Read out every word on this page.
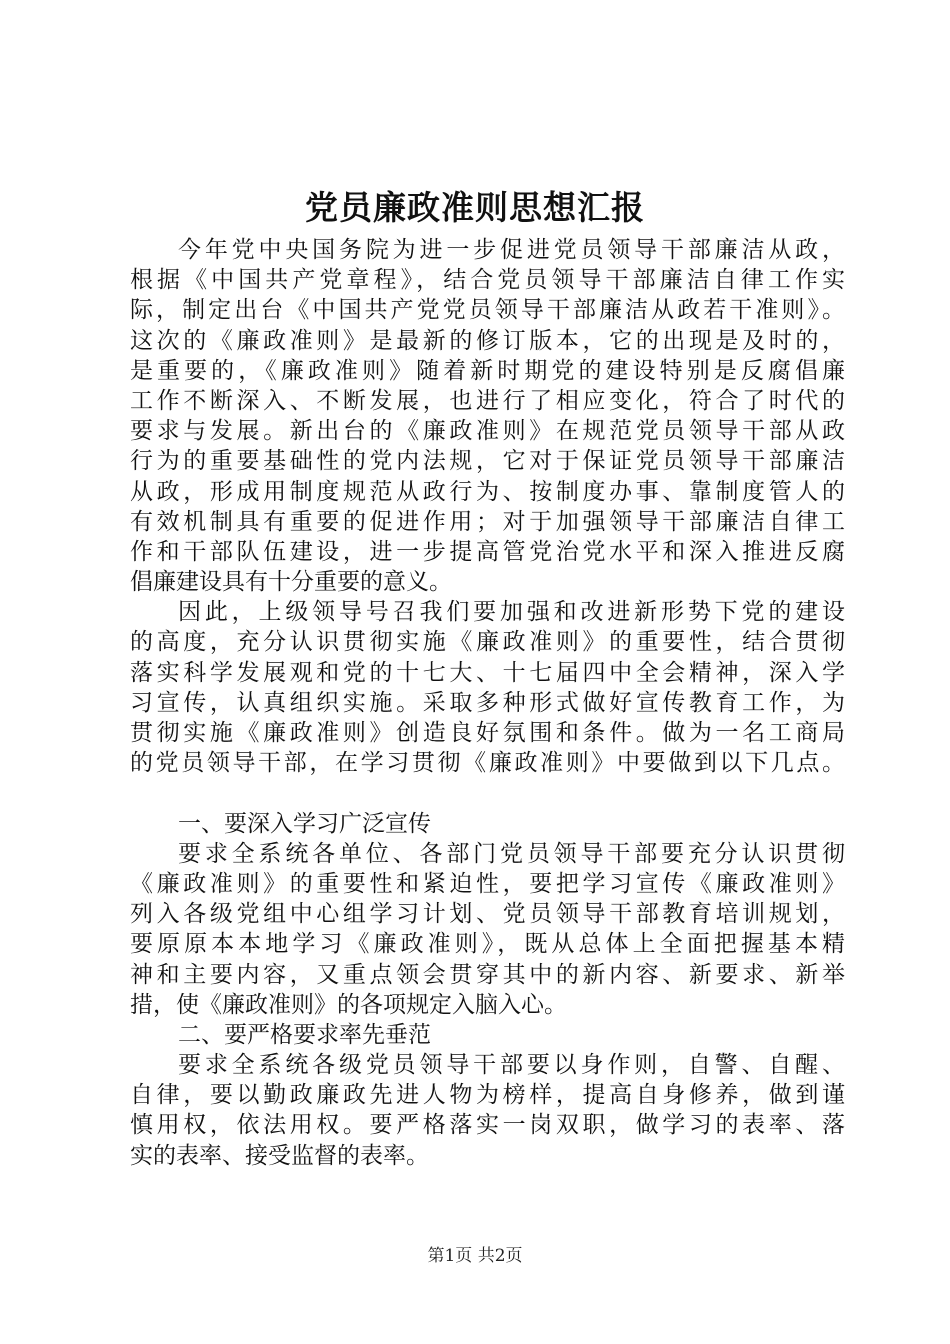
党员廉政准则思想汇报
今年党中央国务院为进一步促进党员领导干部廉洁从政，
根据《中国共产党章程》，结合党员领导干部廉洁自律工作实
际，制定出台《中国共产党党员领导干部廉洁从政若干准则》。
这次的《廉政准则》是最新的修订版本，它的出现是及时的，
是重要的，《廉政准则》随着新时期党的建设特别是反腐倡廉
工作不断深入、不断发展，也进行了相应变化，符合了时代的
要求与发展。新出台的《廉政准则》在规范党员领导干部从政
行为的重要基础性的党内法规，它对于保证党员领导干部廉洁
从政，形成用制度规范从政行为、按制度办事、靠制度管人的
有效机制具有重要的促进作用；对于加强领导干部廉洁自律工
作和干部队伍建设，进一步提高管党治党水平和深入推进反腐
倡廉建设具有十分重要的意义。
因此，上级领导号召我们要加强和改进新形势下党的建设
的高度，充分认识贯彻实施《廉政准则》的重要性，结合贯彻
落实科学发展观和党的十七大、十七届四中全会精神，深入学
习宣传，认真组织实施。采取多种形式做好宣传教育工作，为
贯彻实施《廉政准则》创造良好氛围和条件。做为一名工商局
的党员领导干部，在学习贯彻《廉政准则》中要做到以下几点。
一、要深入学习广泛宣传
要求全系统各单位、各部门党员领导干部要充分认识贯彻
《廉政准则》的重要性和紧迫性，要把学习宣传《廉政准则》
列入各级党组中心组学习计划、党员领导干部教育培训规划，
要原原本本地学习《廉政准则》，既从总体上全面把握基本精
神和主要内容，又重点领会贯穿其中的新内容、新要求、新举
措，使《廉政准则》的各项规定入脑入心。
二、要严格要求率先垂范
要求全系统各级党员领导干部要以身作则，自警、自醒、
自律，要以勤政廉政先进人物为榜样，提高自身修养，做到谨
慎用权，依法用权。要严格落实一岗双职，做学习的表率、落
实的表率、接受监督的表率。
第1页 共2页
